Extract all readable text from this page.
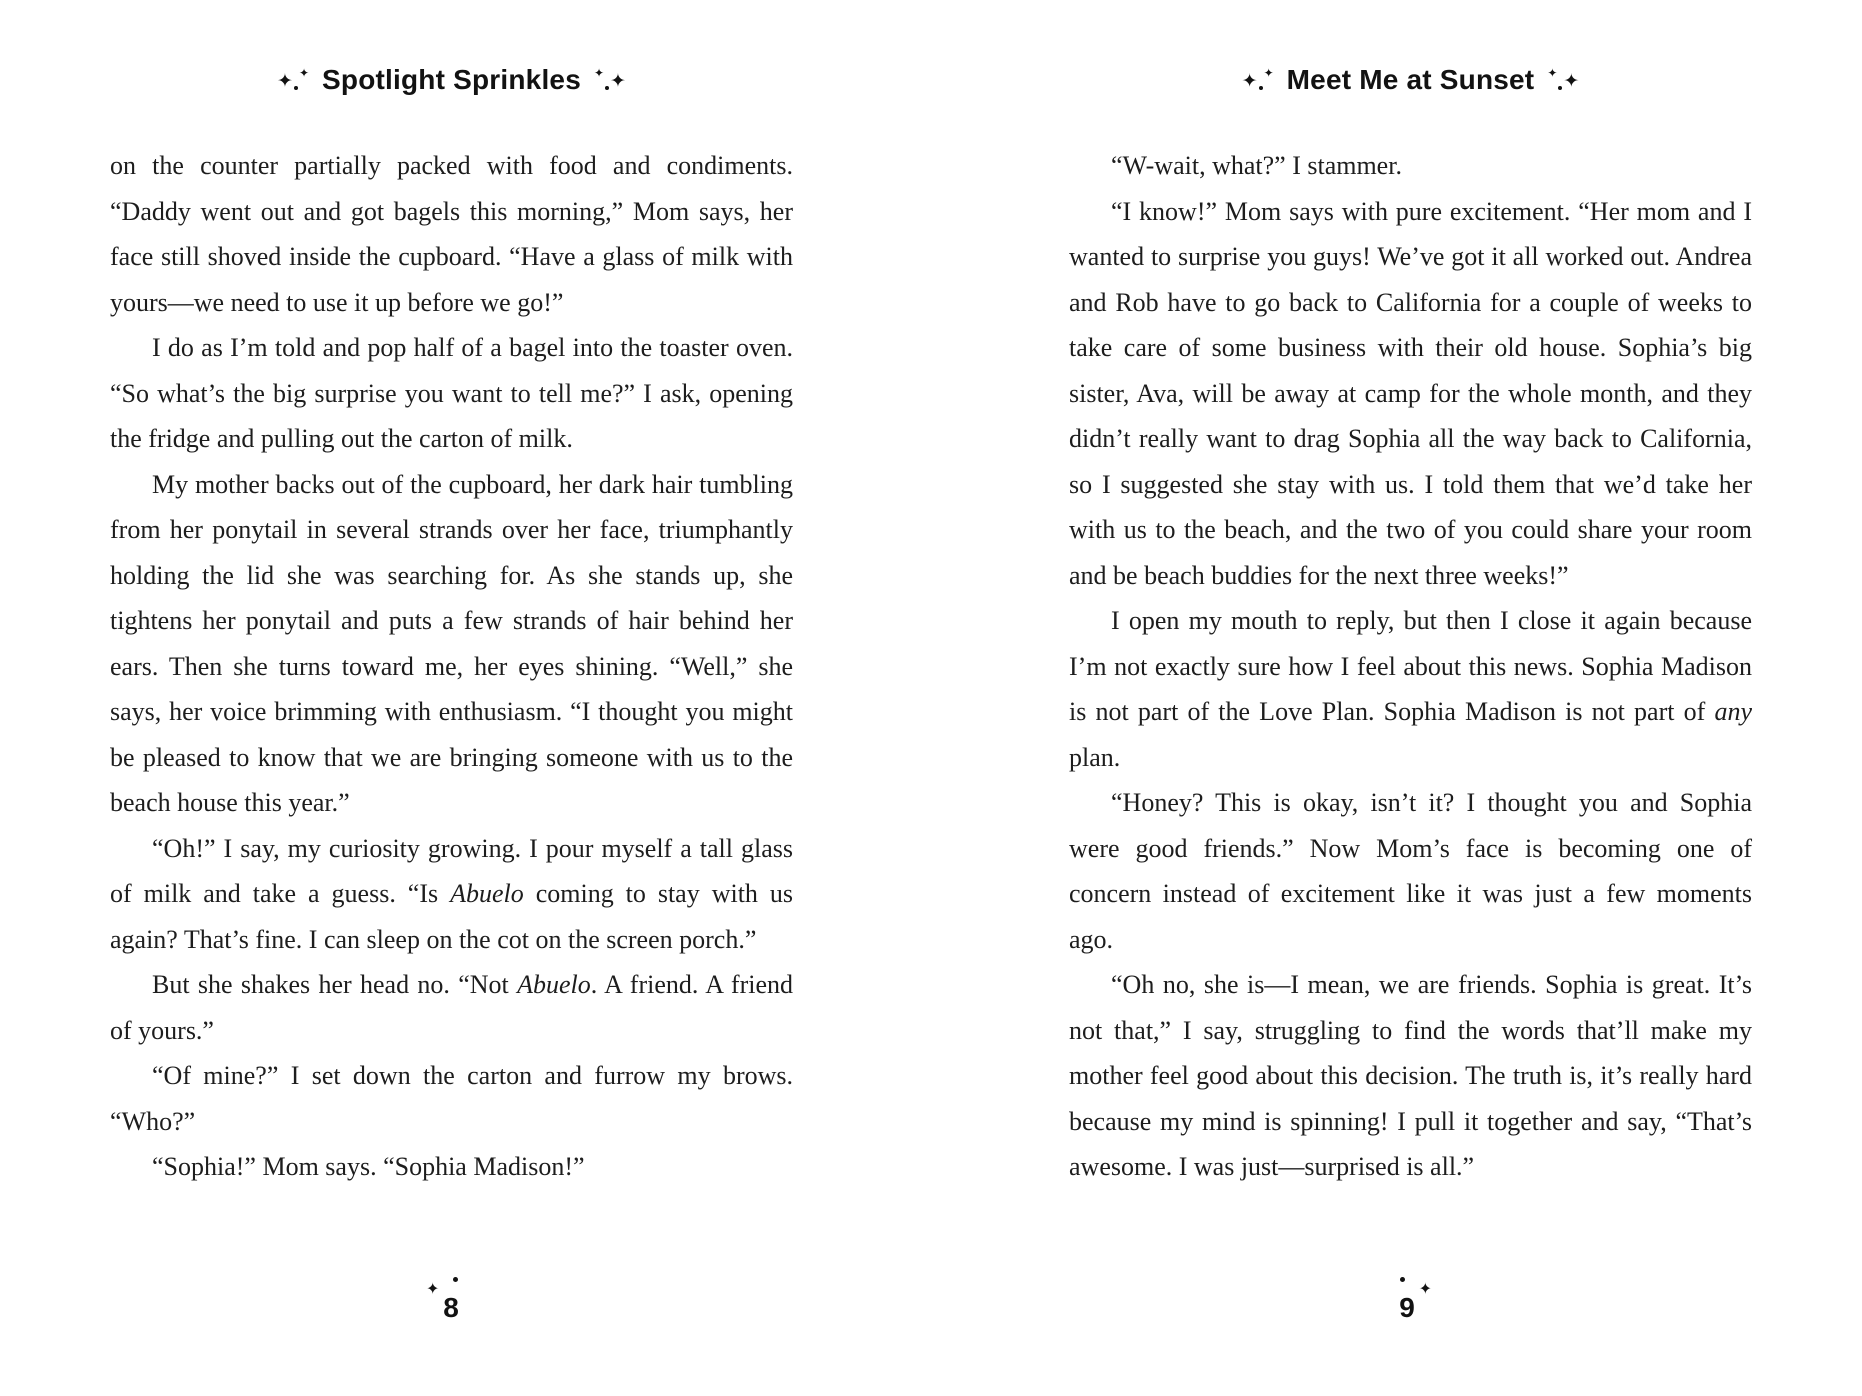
✦ ✦ Spotlight Sprinkles ✦ ✦	✦ ✦ Meet Me at Sunset ✦ ✦

on the counter partially packed with food and condiments. “Daddy went out and got bagels this morning,” Mom says, her face still shoved inside the cupboard. “Have a glass of milk with yours—we need to use it up before we go!”

I do as I’m told and pop half of a bagel into the toaster oven. “So what’s the big surprise you want to tell me?” I ask, opening the fridge and pulling out the carton of milk.

My mother backs out of the cupboard, her dark hair tumbling from her ponytail in several strands over her face, triumphantly holding the lid she was searching for. As she stands up, she tightens her ponytail and puts a few strands of hair behind her ears. Then she turns toward me, her eyes shining. “Well,” she says, her voice brimming with enthusiasm. “I thought you might be pleased to know that we are bringing someone with us to the beach house this year.”

“Oh!” I say, my curiosity growing. I pour myself a tall glass of milk and take a guess. “Is Abuelo coming to stay with us again? That’s fine. I can sleep on the cot on the screen porch.”

But she shakes her head no. “Not Abuelo. A friend. A friend of yours.”

“Of mine?” I set down the carton and furrow my brows. “Who?”

“Sophia!” Mom says. “Sophia Madison!”

“W-wait, what?” I stammer.

“I know!” Mom says with pure excitement. “Her mom and I wanted to surprise you guys! We’ve got it all worked out. Andrea and Rob have to go back to California for a couple of weeks to take care of some business with their old house. Sophia’s big sister, Ava, will be away at camp for the whole month, and they didn’t really want to drag Sophia all the way back to California, so I suggested she stay with us. I told them that we’d take her with us to the beach, and the two of you could share your room and be beach buddies for the next three weeks!”

I open my mouth to reply, but then I close it again because I’m not exactly sure how I feel about this news. Sophia Madison is not part of the Love Plan. Sophia Madison is not part of any plan.

“Honey? This is okay, isn’t it? I thought you and Sophia were good friends.” Now Mom’s face is becoming one of concern instead of excitement like it was just a few moments ago.

“Oh no, she is—I mean, we are friends. Sophia is great. It’s not that,” I say, struggling to find the words that’ll make my mother feel good about this decision. The truth is, it’s really hard because my mind is spinning! I pull it together and say, “That’s awesome. I was just—surprised is all.”

✦
8
✦
9
